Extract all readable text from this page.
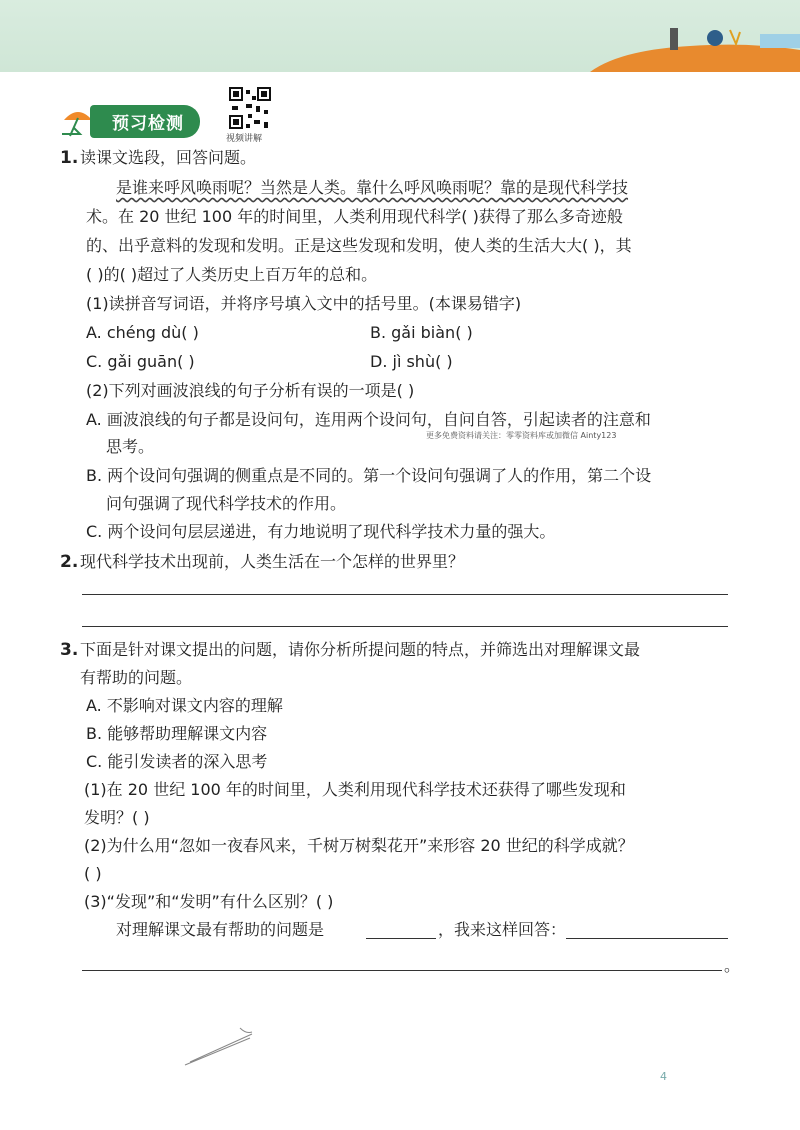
预习检测
视频讲解
1. 读课文选段，回答问题。
是谁来呼风唤雨呢？当然是人类。靠什么呼风唤雨呢？靠的是现代科学技
术。在 20 世纪 100 年的时间里，人类利用现代科学( )获得了那么多奇迹般
的、出乎意料的发现和发明。正是这些发现和发明，使人类的生活大大( )，其
( )的( )超过了人类历史上百万年的总和。
(1)读拼音写词语，并将序号填入文中的括号里。(本课易错字)
A. chéng dù( )	B. gǎi biàn( )
C. gǎi guān( )	D. jì shù( )
(2)下列对画波浪线的句子分析有误的一项是( )
A. 画波浪线的句子都是设问句，连用两个设问句，自问自答，引起读者的注意和
思考。
更多免费资料请关注：零零资料库或加微信 Ainty123
B. 两个设问句强调的侧重点是不同的。第一个设问句强调了人的作用，第二个设
问句强调了现代科学技术的作用。
C. 两个设问句层层递进，有力地说明了现代科学技术力量的强大。
2. 现代科学技术出现前，人类生活在一个怎样的世界里？
3. 下面是针对课文提出的问题，请你分析所提问题的特点，并筛选出对理解课文最
有帮助的问题。
A. 不影响对课文内容的理解
B. 能够帮助理解课文内容
C. 能引发读者的深入思考
(1)在 20 世纪 100 年的时间里，人类利用现代科学技术还获得了哪些发现和
发明？( )
(2)为什么用“忽如一夜春风来，千树万树梨花开”来形容 20 世纪的科学成就？
( )
(3)“发现”和“发明”有什么区别？( )
对理解课文最有帮助的问题是	，我来这样回答：
。
4
